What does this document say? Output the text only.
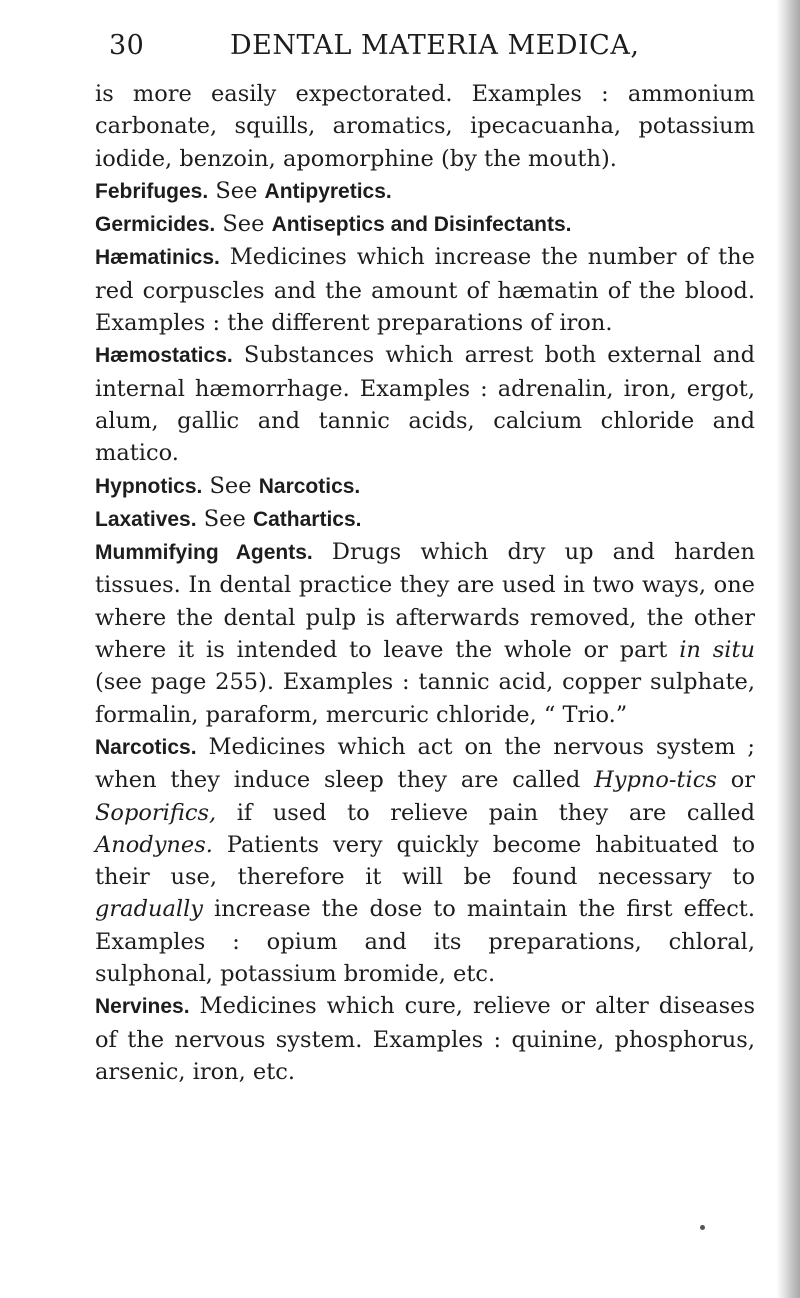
30	DENTAL MATERIA MEDICA,

is more easily expectorated. Examples : ammonium carbonate, squills, aromatics, ipecacuanha, potassium iodide, benzoin, apomorphine (by the mouth).

Febrifuges. See Antipyretics.

Germicides. See Antiseptics and Disinfectants.

Hæmatinics. Medicines which increase the number of the red corpuscles and the amount of hæmatin of the blood. Examples : the different preparations of iron.

Hæmostatics. Substances which arrest both external and internal hæmorrhage. Examples : adrenalin, iron, ergot, alum, gallic and tannic acids, calcium chloride and matico.

Hypnotics. See Narcotics.

Laxatives. See Cathartics.

Mummifying Agents. Drugs which dry up and harden tissues. In dental practice they are used in two ways, one where the dental pulp is afterwards removed, the other where it is intended to leave the whole or part in situ (see page 255). Examples : tannic acid, copper sulphate, formalin, paraform, mercuric chloride, “ Trio.”

Narcotics. Medicines which act on the nervous system ; when they induce sleep they are called Hypno-tics or Soporifics, if used to relieve pain they are called Anodynes. Patients very quickly become habituated to their use, therefore it will be found necessary to gradually increase the dose to maintain the first effect. Examples : opium and its preparations, chloral, sulphonal, potassium bromide, etc.

Nervines. Medicines which cure, relieve or alter diseases of the nervous system. Examples : quinine, phosphorus, arsenic, iron, etc.
